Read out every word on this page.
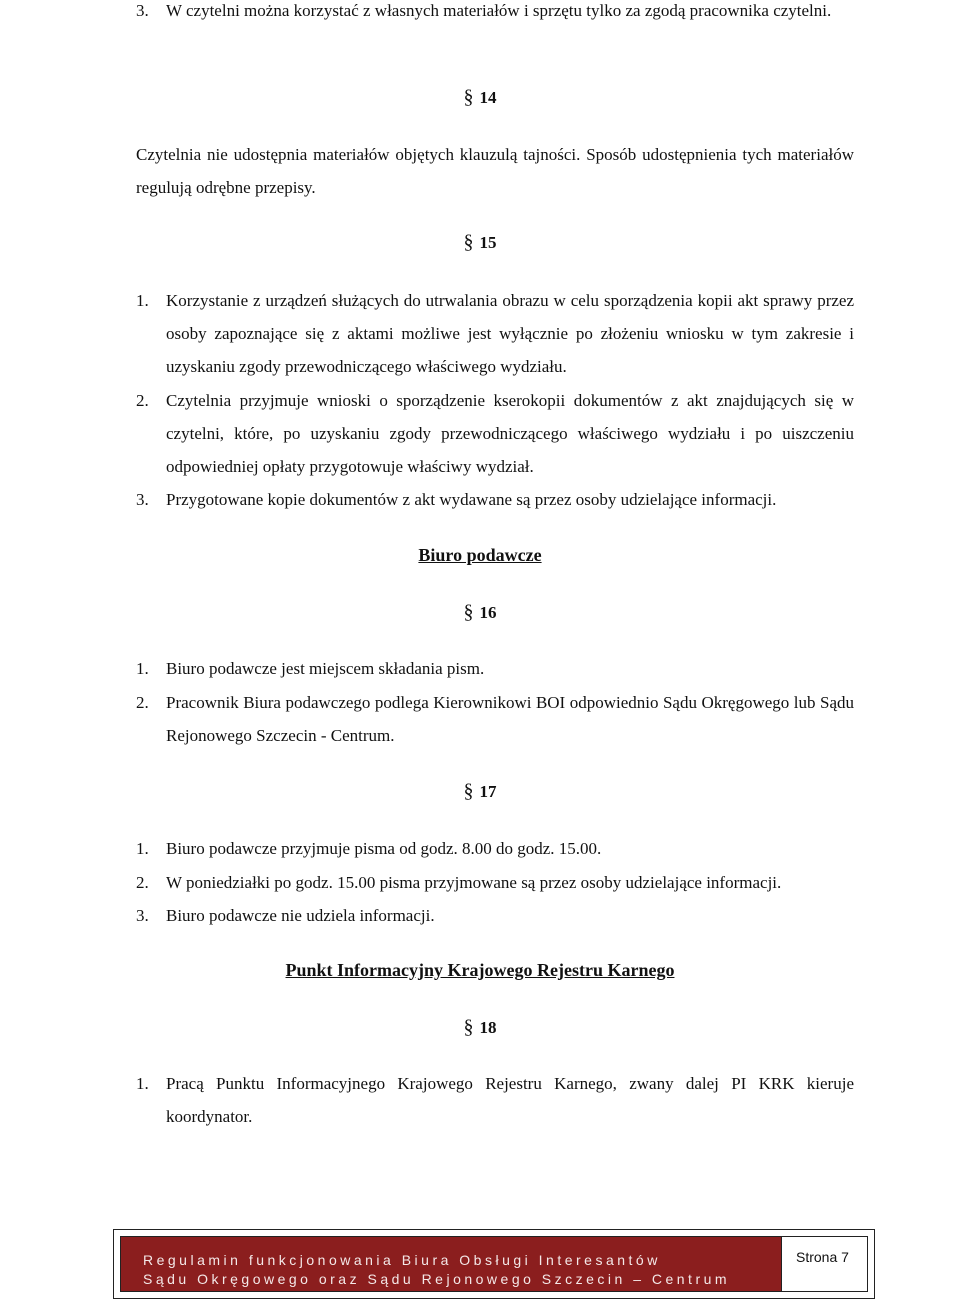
3. W czytelni można korzystać z własnych materiałów i sprzętu tylko za zgodą pracownika czytelni.
§ 14
Czytelnia nie udostępnia materiałów objętych klauzulą tajności. Sposób udostępnienia tych materiałów regulują odrębne przepisy.
§ 15
1. Korzystanie z urządzeń służących do utrwalania obrazu w celu sporządzenia kopii akt sprawy przez osoby zapoznające się z aktami możliwe jest wyłącznie po złożeniu wniosku w tym zakresie i uzyskaniu zgody przewodniczącego właściwego wydziału.
2. Czytelnia przyjmuje wnioski o sporządzenie kserokopii dokumentów z akt znajdujących się w czytelni, które, po uzyskaniu zgody przewodniczącego właściwego wydziału i po uiszczeniu odpowiedniej opłaty przygotowuje właściwy wydział.
3. Przygotowane kopie dokumentów z akt wydawane są przez osoby udzielające informacji.
Biuro podawcze
§ 16
1. Biuro podawcze jest miejscem składania pism.
2. Pracownik Biura podawczego podlega Kierownikowi BOI odpowiednio Sądu Okręgowego lub Sądu Rejonowego Szczecin - Centrum.
§ 17
1. Biuro podawcze przyjmuje pisma od godz. 8.00 do godz. 15.00.
2. W poniedziałki po godz. 15.00 pisma przyjmowane są przez osoby udzielające informacji.
3. Biuro podawcze nie udziela informacji.
Punkt Informacyjny Krajowego Rejestru Karnego
§ 18
1. Pracą Punktu Informacyjnego Krajowego Rejestru Karnego, zwany dalej PI KRK kieruje koordynator.
Regulamin funkcjonowania Biura Obsługi Interesantów
Sądu Okręgowego oraz Sądu Rejonowego Szczecin – Centrum
Strona 7
